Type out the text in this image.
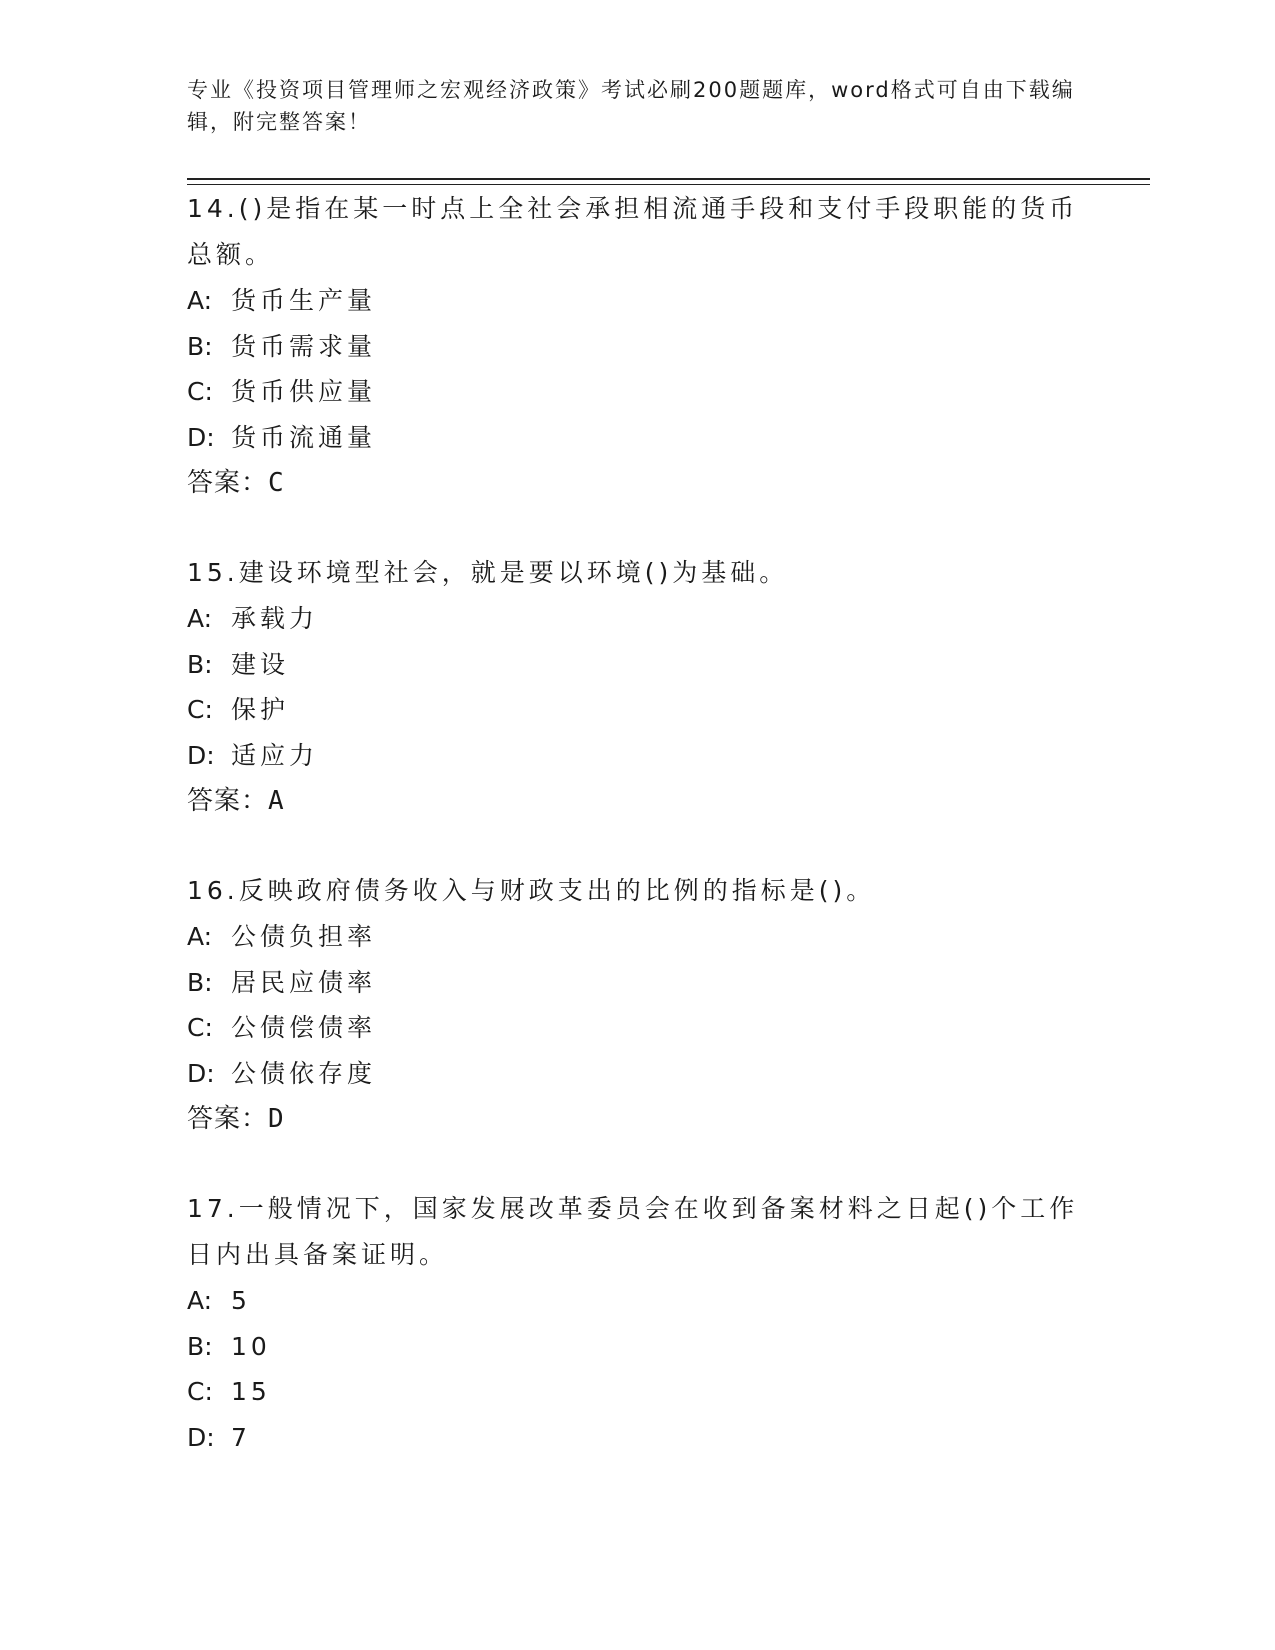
专业《投资项目管理师之宏观经济政策》考试必刷200题题库，word格式可自由下载编辑，附完整答案！
14.()是指在某一时点上全社会承担相流通手段和支付手段职能的货币总额。
A: 货币生产量
B: 货币需求量
C: 货币供应量
D: 货币流通量
答案：C
15.建设环境型社会，就是要以环境()为基础。
A: 承载力
B: 建设
C: 保护
D: 适应力
答案：A
16.反映政府债务收入与财政支出的比例的指标是()。
A: 公债负担率
B: 居民应债率
C: 公债偿债率
D: 公债依存度
答案：D
17.一般情况下，国家发展改革委员会在收到备案材料之日起()个工作日内出具备案证明。
A: 5
B: 10
C: 15
D: 7
